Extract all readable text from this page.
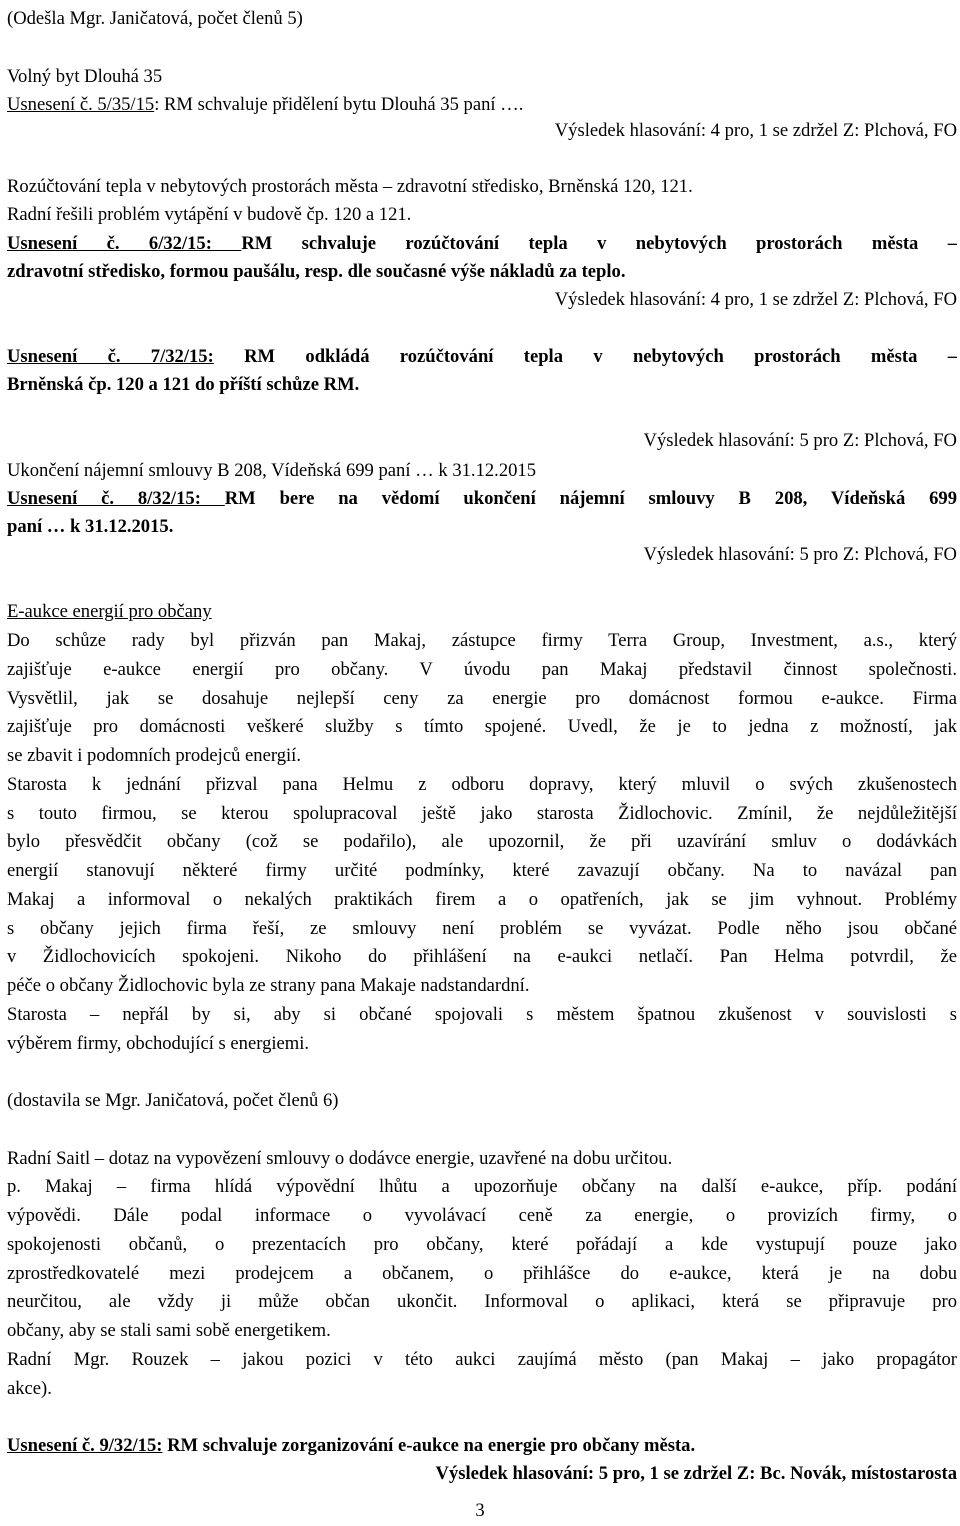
(Odešla Mgr. Janičatová, počet členů 5)
Volný byt Dlouhá 35
Usnesení č. 5/35/15: RM schvaluje přidělení bytu Dlouhá 35 paní ….
Výsledek hlasování: 4 pro, 1 se zdržel Z: Plchová, FO
Rozúčtování tepla v nebytových prostorách města – zdravotní středisko, Brněnská 120, 121.
Radní řešili problém vytápění v budově čp. 120 a 121.
Usnesení č. 6/32/15: RM schvaluje rozúčtování tepla v nebytových prostorách města –
zdravotní středisko, formou paušálu, resp. dle současné výše nákladů za teplo.
Výsledek hlasování: 4 pro, 1 se zdržel Z: Plchová, FO
Usnesení č. 7/32/15: RM odkládá rozúčtování tepla v nebytových prostorách města –
Brněnská čp. 120 a 121 do příští schůze RM.
Výsledek hlasování: 5 pro Z: Plchová, FO
Ukončení nájemní smlouvy B 208, Vídeňská 699 paní … k 31.12.2015
Usnesení č. 8/32/15: RM bere na vědomí ukončení nájemní smlouvy B 208, Vídeňská 699
paní … k 31.12.2015.
Výsledek hlasování: 5 pro Z: Plchová, FO
E-aukce energií pro občany
Do schůze rady byl přizván pan Makaj, zástupce firmy Terra Group, Investment, a.s., který
zajišťuje e-aukce energií pro občany. V úvodu pan Makaj představil činnost společnosti.
Vysvětlil, jak se dosahuje nejlepší ceny za energie pro domácnost formou e-aukce. Firma
zajišťuje pro domácnosti veškeré služby s tímto spojené. Uvedl, že je to jedna z možností, jak
se zbavit i podomních prodejců energií.
Starosta k jednání přizval pana Helmu z odboru dopravy, který mluvil o svých zkušenostech
s touto firmou, se kterou spolupracoval ještě jako starosta Židlochovic. Zmínil, že nejdůležitější
bylo přesvědčit občany (což se podařilo), ale upozornil, že při uzavírání smluv o dodávkách
energií stanovují některé firmy určité podmínky, které zavazují občany. Na to navázal pan
Makaj a informoval o nekalých praktikách firem a o opatřeních, jak se jim vyhnout. Problémy
s občany jejich firma řeší, ze smlouvy není problém se vyvázat. Podle něho jsou občané
v Židlochovicích spokojeni. Nikoho do přihlášení na e-aukci netlačí. Pan Helma potvrdil, že
péče o občany Židlochovic byla ze strany pana Makaje nadstandardní.
Starosta – nepřál by si, aby si občané spojovali s městem špatnou zkušenost v souvislosti s
výběrem firmy, obchodující s energiemi.
(dostavila se Mgr. Janičatová, počet členů 6)
Radní Saitl – dotaz na vypovězení smlouvy o dodávce energie, uzavřené na dobu určitou.
p. Makaj – firma hlídá výpovědní lhůtu a upozorňuje občany na další e-aukce, příp. podání
výpovědi. Dále podal informace o vyvolávací ceně za energie, o provizích firmy, o
spokojenosti občanů, o prezentacích pro občany, které pořádají a kde vystupují pouze jako
zprostředkovatelé mezi prodejcem a občanem, o přihlášce do e-aukce, která je na dobu
neurčitou, ale vždy ji může občan ukončit. Informoval o aplikaci, která se připravuje pro
občany, aby se stali sami sobě energetikem.
Radní Mgr. Rouzek – jakou pozici v této aukci zaujímá město (pan Makaj – jako propagátor
akce).
Usnesení č. 9/32/15: RM schvaluje zorganizování e-aukce na energie pro občany města.
Výsledek hlasování: 5 pro, 1 se zdržel Z: Bc. Novák, místostarosta
3
